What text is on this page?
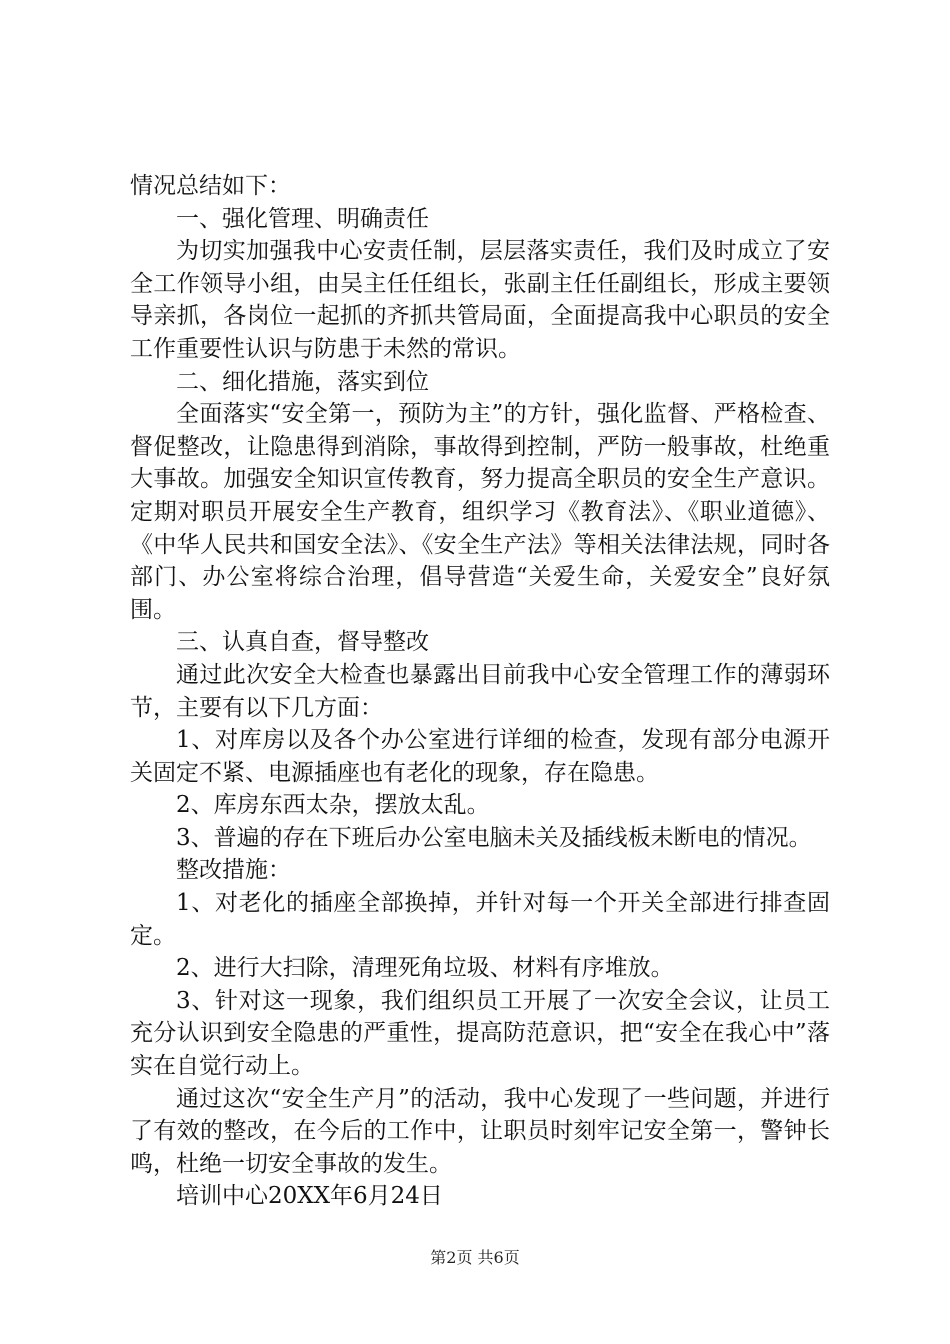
情况总结如下：

一、强化管理、明确责任

为切实加强我中心安责任制，层层落实责任，我们及时成立了安全工作领导小组，由吴主任任组长，张副主任任副组长，形成主要领导亲抓，各岗位一起抓的齐抓共管局面，全面提高我中心职员的安全工作重要性认识与防患于未然的常识。

二、细化措施，落实到位

全面落实“安全第一，预防为主”的方针，强化监督、严格检查、督促整改，让隐患得到消除，事故得到控制，严防一般事故，杜绝重大事故。加强安全知识宣传教育，努力提高全职员的安全生产意识。定期对职员开展安全生产教育，组织学习《教育法》、《职业道德》、《中华人民共和国安全法》、《安全生产法》等相关法律法规，同时各部门、办公室将综合治理，倡导营造“关爱生命，关爱安全”良好氛围。

三、认真自查，督导整改

通过此次安全大检查也暴露出目前我中心安全管理工作的薄弱环节，主要有以下几方面：

1、对库房以及各个办公室进行详细的检查，发现有部分电源开关固定不紧、电源插座也有老化的现象，存在隐患。

2、库房东西太杂，摆放太乱。

3、普遍的存在下班后办公室电脑未关及插线板未断电的情况。

整改措施：

1、对老化的插座全部换掉，并针对每一个开关全部进行排查固定。

2、进行大扫除，清理死角垃圾、材料有序堆放。

3、针对这一现象，我们组织员工开展了一次安全会议，让员工充分认识到安全隐患的严重性，提高防范意识，把“安全在我心中”落实在自觉行动上。

通过这次“安全生产月”的活动，我中心发现了一些问题，并进行了有效的整改，在今后的工作中，让职员时刻牢记安全第一，警钟长鸣，杜绝一切安全事故的发生。

培训中心20XX年6月24日

第2页 共6页
